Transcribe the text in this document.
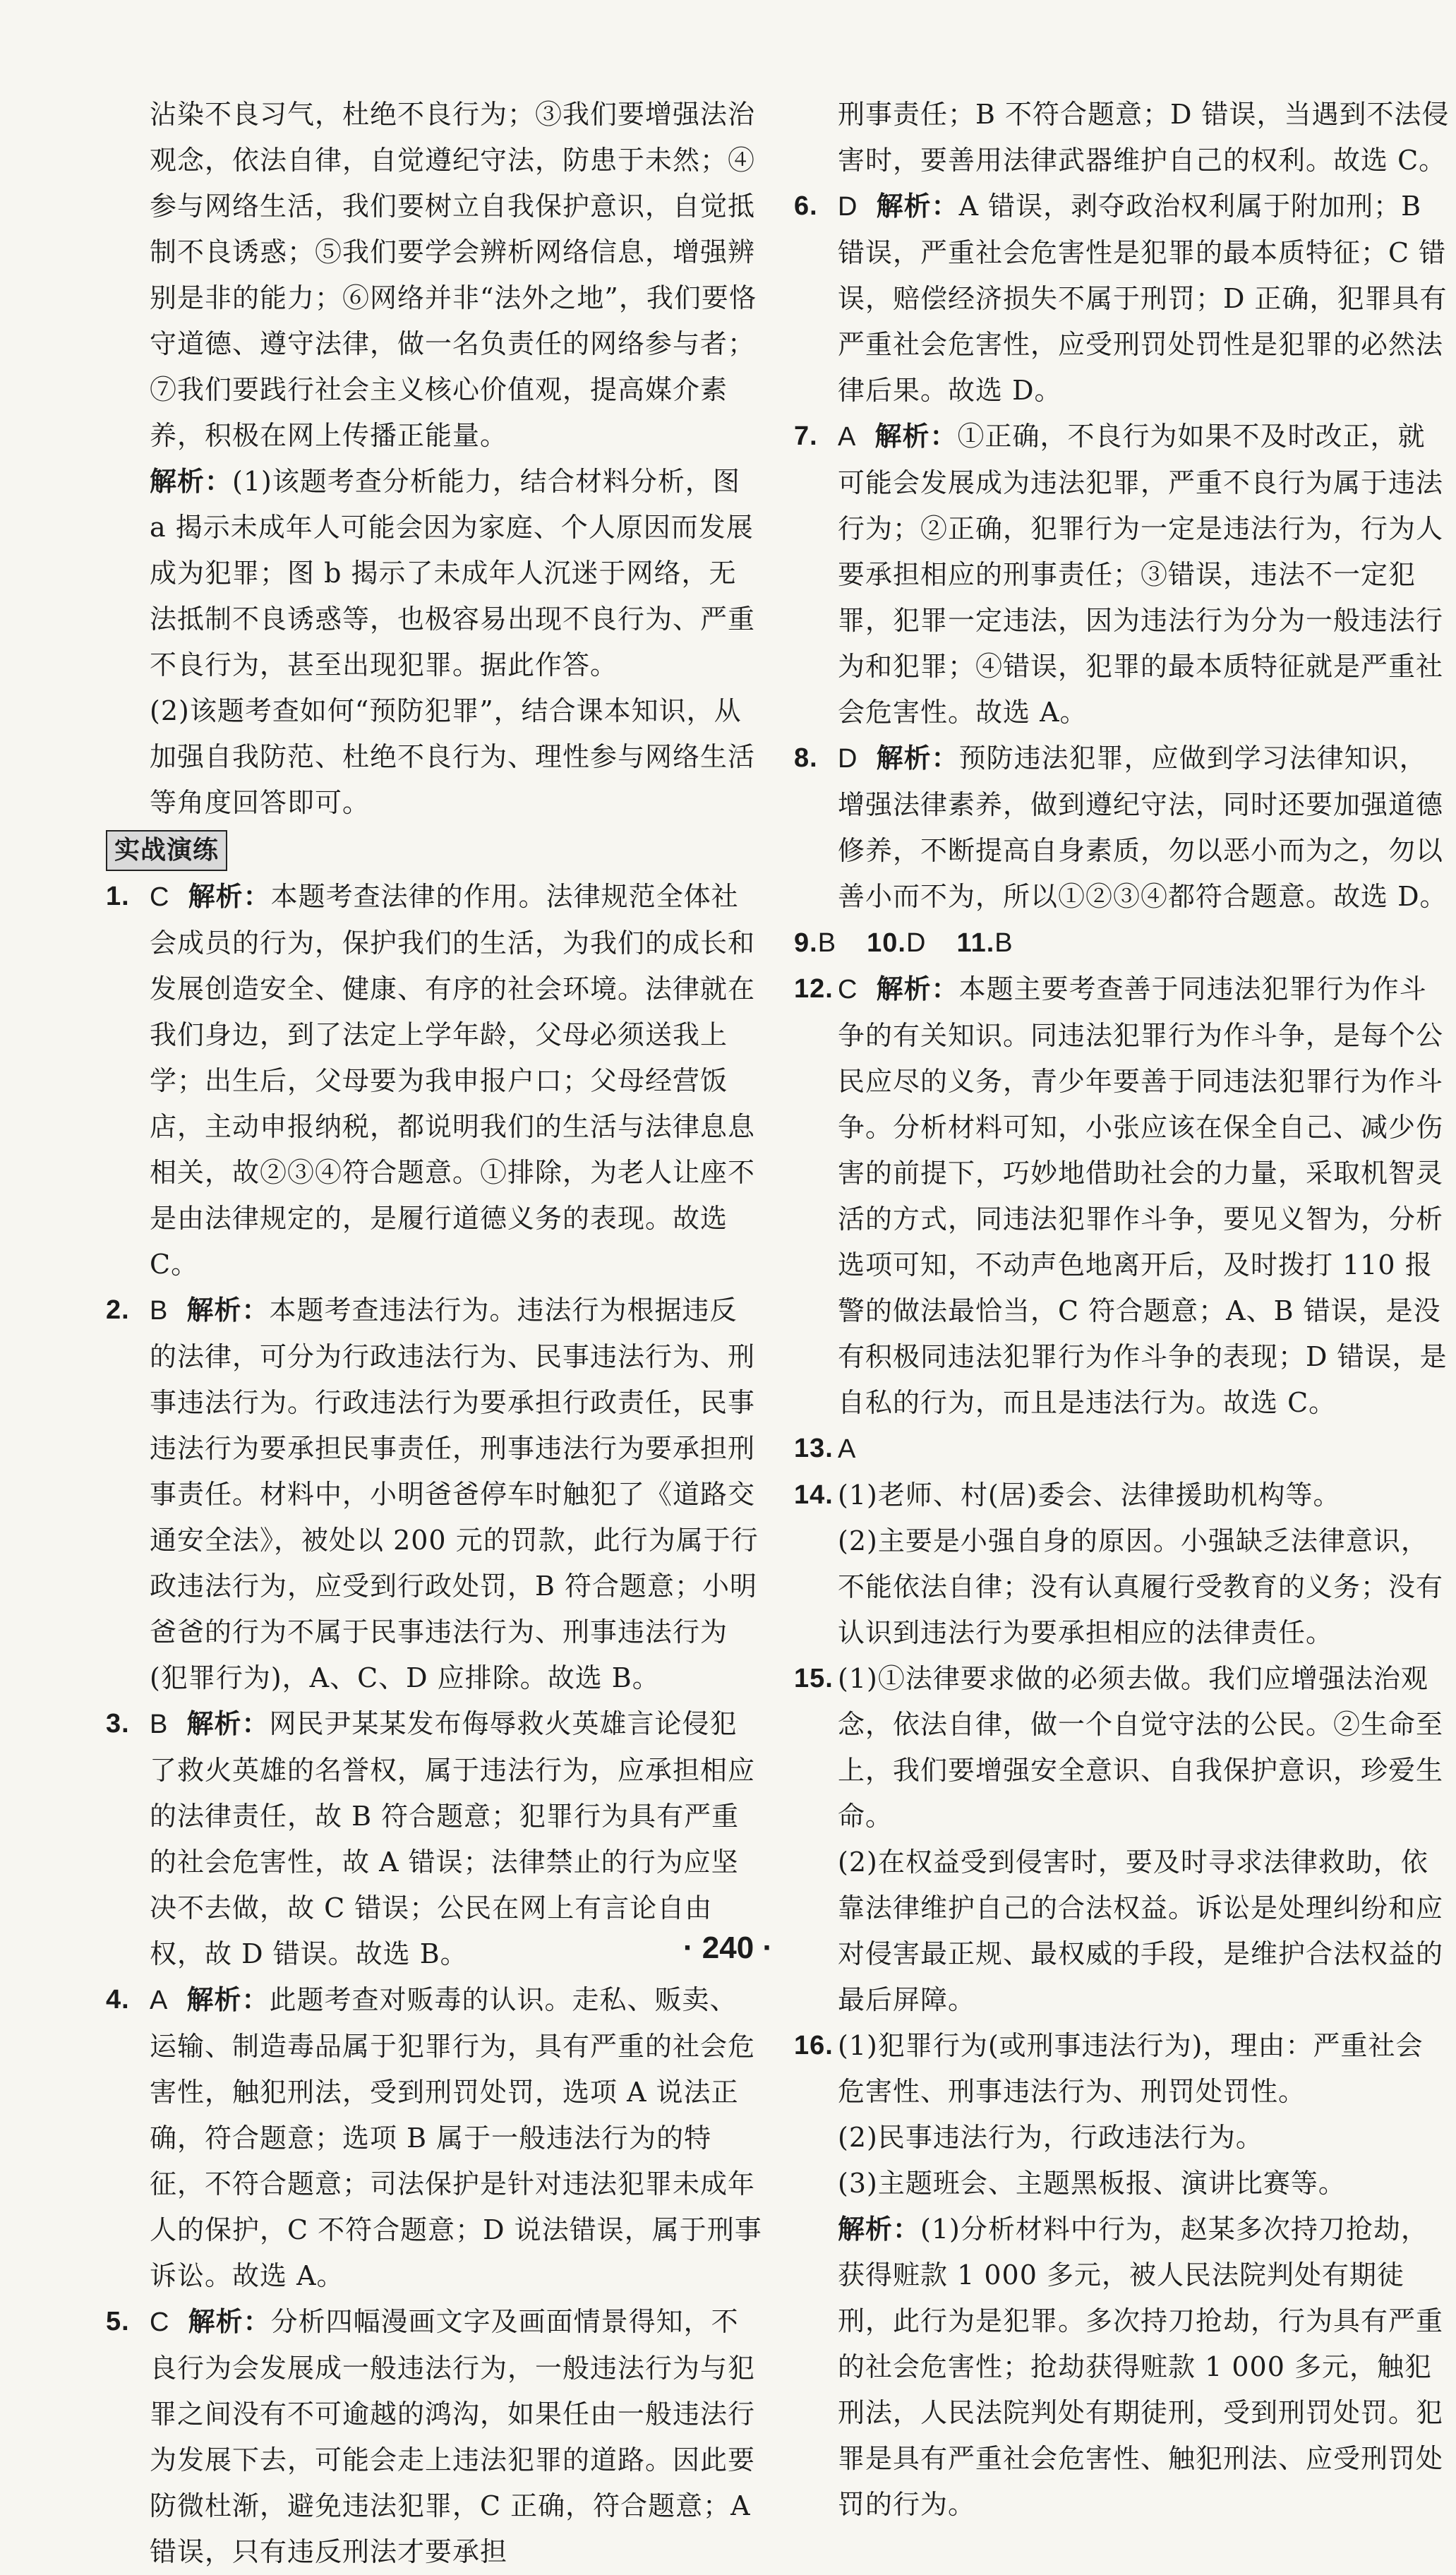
沾染不良习气，杜绝不良行为；③我们要增强法治观念，依法自律，自觉遵纪守法，防患于未然；④参与网络生活，我们要树立自我保护意识，自觉抵制不良诱惑；⑤我们要学会辨析网络信息，增强辨别是非的能力；⑥网络并非“法外之地”，我们要恪守道德、遵守法律，做一名负责任的网络参与者；⑦我们要践行社会主义核心价值观，提高媒介素养，积极在网上传播正能量。

解析：(1)该题考查分析能力，结合材料分析，图 a 揭示未成年人可能会因为家庭、个人原因而发展成为犯罪；图 b 揭示了未成年人沉迷于网络，无法抵制不良诱惑等，也极容易出现不良行为、严重不良行为，甚至出现犯罪。据此作答。

(2)该题考查如何“预防犯罪”，结合课本知识，从加强自我防范、杜绝不良行为、理性参与网络生活等角度回答即可。

实战演练
1. C 解析：本题考查法律的作用。法律规范全体社会成员的行为，保护我们的生活，为我们的成长和发展创造安全、健康、有序的社会环境。法律就在我们身边，到了法定上学年龄，父母必须送我上学；出生后，父母要为我申报户口；父母经营饭店，主动申报纳税，都说明我们的生活与法律息息相关，故②③④符合题意。①排除，为老人让座不是由法律规定的，是履行道德义务的表现。故选 C。
2. B 解析：本题考查违法行为。违法行为根据违反的法律，可分为行政违法行为、民事违法行为、刑事违法行为。行政违法行为要承担行政责任，民事违法行为要承担民事责任，刑事违法行为要承担刑事责任。材料中，小明爸爸停车时触犯了《道路交通安全法》，被处以 200 元的罚款，此行为属于行政违法行为，应受到行政处罚，B 符合题意；小明爸爸的行为不属于民事违法行为、刑事违法行为(犯罪行为)，A、C、D 应排除。故选 B。
3. B 解析：网民尹某某发布侮辱救火英雄言论侵犯了救火英雄的名誉权，属于违法行为，应承担相应的法律责任，故 B 符合题意；犯罪行为具有严重的社会危害性，故 A 错误；法律禁止的行为应坚决不去做，故 C 错误；公民在网上有言论自由权，故 D 错误。故选 B。
4. A 解析：此题考查对贩毒的认识。走私、贩卖、运输、制造毒品属于犯罪行为，具有严重的社会危害性，触犯刑法，受到刑罚处罚，选项 A 说法正确，符合题意；选项 B 属于一般违法行为的特征，不符合题意；司法保护是针对违法犯罪未成年人的保护，C 不符合题意；D 说法错误，属于刑事诉讼。故选 A。
5. C 解析：分析四幅漫画文字及画面情景得知，不良行为会发展成一般违法行为，一般违法行为与犯罪之间没有不可逾越的鸿沟，如果任由一般违法行为发展下去，可能会走上违法犯罪的道路。因此要防微杜渐，避免违法犯罪，C 正确，符合题意；A 错误，只有违反刑法才要承担

刑事责任；B 不符合题意；D 错误，当遇到不法侵害时，要善用法律武器维护自己的权利。故选 C。

6. D 解析：A 错误，剥夺政治权利属于附加刑；B 错误，严重社会危害性是犯罪的最本质特征；C 错误，赔偿经济损失不属于刑罚；D 正确，犯罪具有严重社会危害性，应受刑罚处罚性是犯罪的必然法律后果。故选 D。
7. A 解析：①正确，不良行为如果不及时改正，就可能会发展成为违法犯罪，严重不良行为属于违法行为；②正确，犯罪行为一定是违法行为，行为人要承担相应的刑事责任；③错误，违法不一定犯罪，犯罪一定违法，因为违法行为分为一般违法行为和犯罪；④错误，犯罪的最本质特征就是严重社会危害性。故选 A。
8. D 解析：预防违法犯罪，应做到学习法律知识，增强法律素养，做到遵纪守法，同时还要加强道德修养，不断提高自身素质，勿以恶小而为之，勿以善小而不为，所以①②③④都符合题意。故选 D。
9.B 10.D 11.B
12. C 解析：本题主要考查善于同违法犯罪行为作斗争的有关知识。同违法犯罪行为作斗争，是每个公民应尽的义务，青少年要善于同违法犯罪行为作斗争。分析材料可知，小张应该在保全自己、减少伤害的前提下，巧妙地借助社会的力量，采取机智灵活的方式，同违法犯罪作斗争，要见义智为，分析选项可知，不动声色地离开后，及时拨打 110 报警的做法最恰当，C 符合题意；A、B 错误，是没有积极同违法犯罪行为作斗争的表现；D 错误，是自私的行为，而且是违法行为。故选 C。
13. A
14. (1)老师、村(居)委会、法律援助机构等。

(2)主要是小强自身的原因。小强缺乏法律意识，不能依法自律；没有认真履行受教育的义务；没有认识到违法行为要承担相应的法律责任。

15. (1)①法律要求做的必须去做。我们应增强法治观念，依法自律，做一个自觉守法的公民。②生命至上，我们要增强安全意识、自我保护意识，珍爱生命。

(2)在权益受到侵害时，要及时寻求法律救助，依靠法律维护自己的合法权益。诉讼是处理纠纷和应对侵害最正规、最权威的手段，是维护合法权益的最后屏障。

16. (1)犯罪行为(或刑事违法行为)，理由：严重社会危害性、刑事违法行为、刑罚处罚性。

(2)民事违法行为，行政违法行为。

(3)主题班会、主题黑板报、演讲比赛等。

解析：(1)分析材料中行为，赵某多次持刀抢劫，获得赃款 1 000 多元，被人民法院判处有期徒刑，此行为是犯罪。多次持刀抢劫，行为具有严重的社会危害性；抢劫获得赃款 1 000 多元，触犯刑法，人民法院判处有期徒刑，受到刑罚处罚。犯罪是具有严重社会危害性、触犯刑法、应受刑罚处罚的行为。

· 240 ·
